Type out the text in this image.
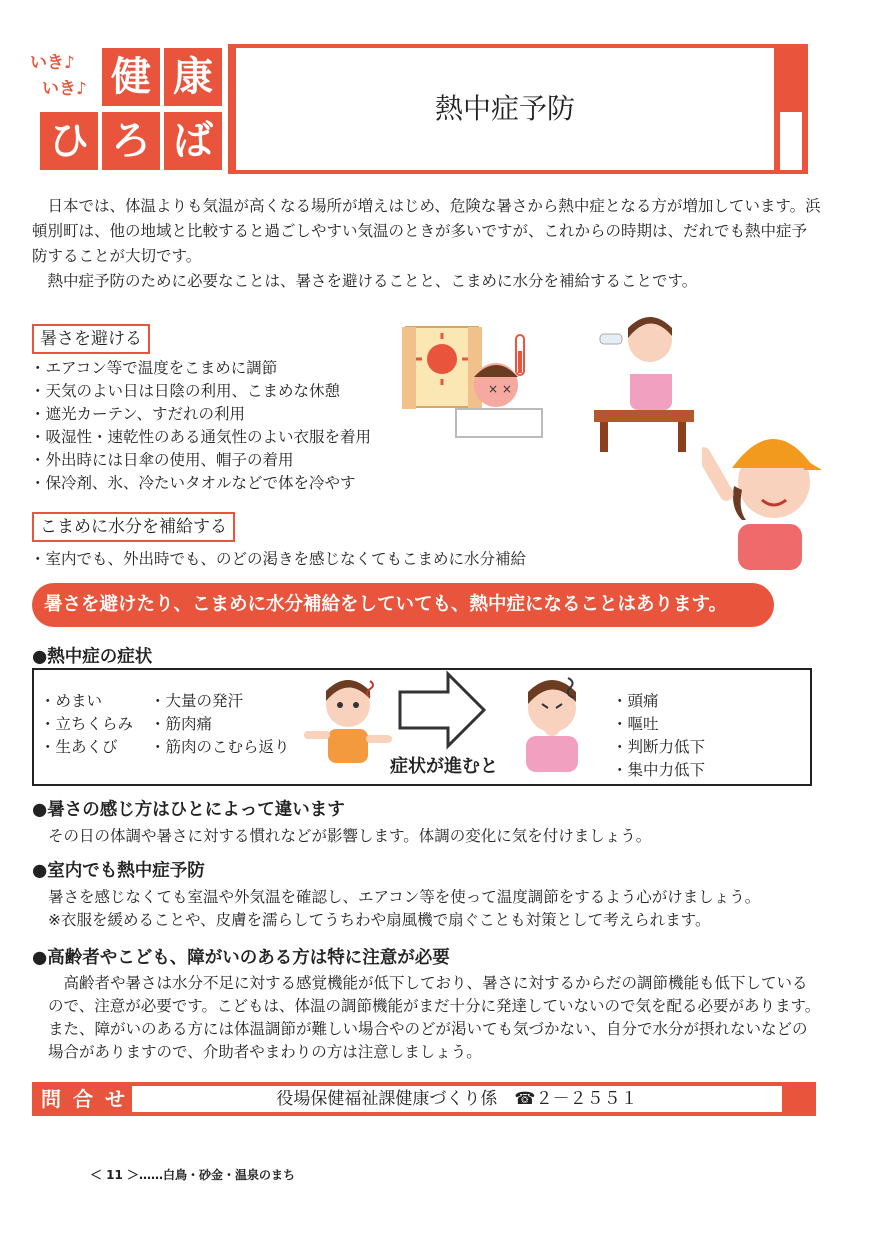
いき♪
いき♪ 健 康
ひ ろ ば
熱中症予防

日本では、体温よりも気温が高くなる場所が増えはじめ、危険な暑さから熱中症となる方が増加しています。浜頓別町は、他の地域と比較すると過ごしやすい気温のときが多いですが、これからの時期は、だれでも熱中症予防することが大切です。

熱中症予防のために必要なことは、暑さを避けることと、こまめに水分を補給することです。

暑さを避ける
・エアコン等で温度をこまめに調節
・天気のよい日は日陰の利用、こまめな休憩
・遮光カーテン、すだれの利用
・吸湿性・速乾性のある通気性のよい衣服を着用
・外出時には日傘の使用、帽子の着用
・保冷剤、氷、冷たいタオルなどで体を冷やす
× ×
こまめに水分を補給する
・室内でも、外出時でも、のどの渇きを感じなくてもこまめに水分補給
暑さを避けたり、こまめに水分補給をしていても、熱中症になることはあります。
●熱中症の症状
・めまい
・立ちくらみ
・生あくび
・大量の発汗
・筋肉痛
・筋肉のこむら返り
症状が進むと
・頭痛
・嘔吐
・判断力低下
・集中力低下
●暑さの感じ方はひとによって違います
その日の体調や暑さに対する慣れなどが影響します。体調の変化に気を付けましょう。
●室内でも熱中症予防
暑さを感じなくても室温や外気温を確認し、エアコン等を使って温度調節をするよう心がけましょう。
※衣服を緩めることや、皮膚を濡らしてうちわや扇風機で扇ぐことも対策として考えられます。
●高齢者やこども、障がいのある方は特に注意が必要
高齢者や暑さは水分不足に対する感覚機能が低下しており、暑さに対するからだの調節機能も低下しているので、注意が必要です。こどもは、体温の調節機能がまだ十分に発達していないので気を配る必要があります。また、障がいのある方には体温調節が難しい場合やのどが渇いても気づかない、自分で水分が摂れないなどの場合がありますので、介助者やまわりの方は注意しましょう。
問 合 せ	役場保健福祉課健康づくり係　☎２－２５５１
＜ 11 ＞……白鳥・砂金・温泉のまち
